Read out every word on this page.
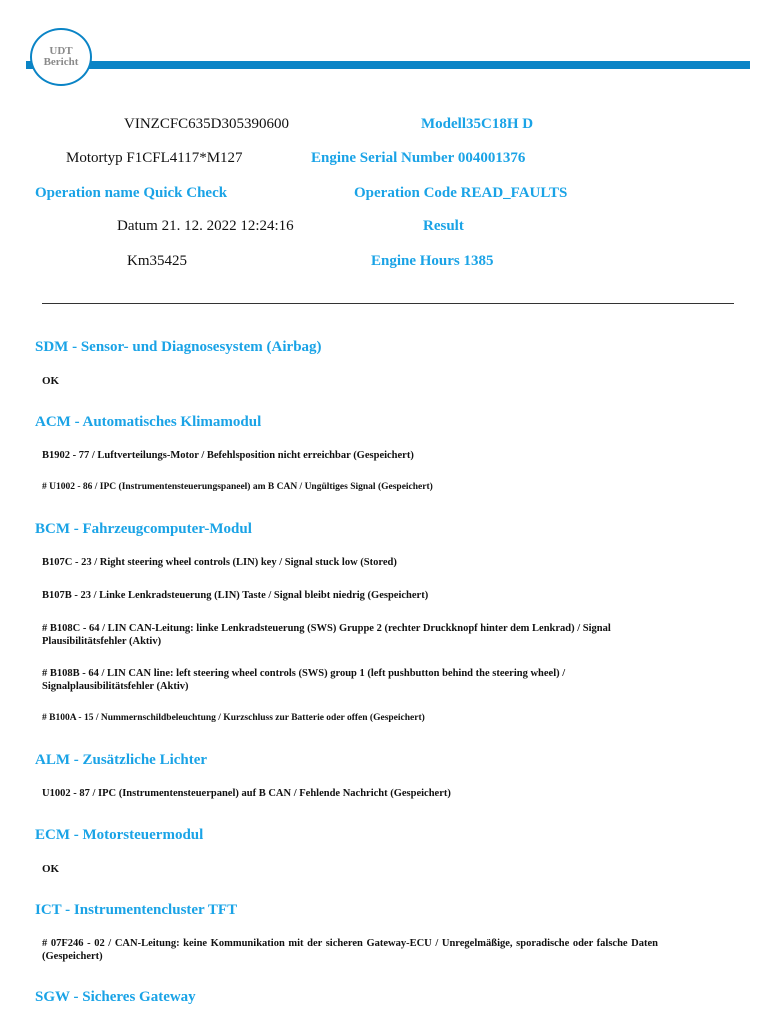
UDT
Bericht
VINZCFC635D305390600	Modell35C18H D
Motortyp F1CFL4117*M127	Engine Serial Number 004001376
Operation name Quick Check	Operation Code READ_FAULTS
Datum 21. 12. 2022 12:24:16	Result
Km35425	Engine Hours 1385
SDM - Sensor- und Diagnosesystem (Airbag)
OK
ACM - Automatisches Klimamodul
B1902 - 77 / Luftverteilungs-Motor / Befehlsposition nicht erreichbar (Gespeichert)
# U1002 - 86 / IPC (Instrumentensteuerungspaneel) am B CAN / Ungültiges Signal (Gespeichert)
BCM - Fahrzeugcomputer-Modul
B107C - 23 / Right steering wheel controls (LIN) key / Signal stuck low (Stored)
B107B - 23 / Linke Lenkradsteuerung (LIN) Taste / Signal bleibt niedrig (Gespeichert)
# B108C - 64 / LIN CAN-Leitung: linke Lenkradsteuerung (SWS) Gruppe 2 (rechter Druckknopf hinter dem Lenkrad) / Signal Plausibilitätsfehler (Aktiv)
# B108B - 64 / LIN CAN line: left steering wheel controls (SWS) group 1 (left pushbutton behind the steering wheel) / Signalplausibilitätsfehler (Aktiv)
# B100A - 15 / Nummernschildbeleuchtung / Kurzschluss zur Batterie oder offen (Gespeichert)
ALM - Zusätzliche Lichter
U1002 - 87 / IPC (Instrumentensteuerpanel) auf B CAN / Fehlende Nachricht (Gespeichert)
ECM - Motorsteuermodul
OK
ICT - Instrumentencluster TFT
# 07F246 - 02 / CAN-Leitung: keine Kommunikation mit der sicheren Gateway-ECU / Unregelmäßige, sporadische oder falsche Daten (Gespeichert)
SGW - Sicheres Gateway
